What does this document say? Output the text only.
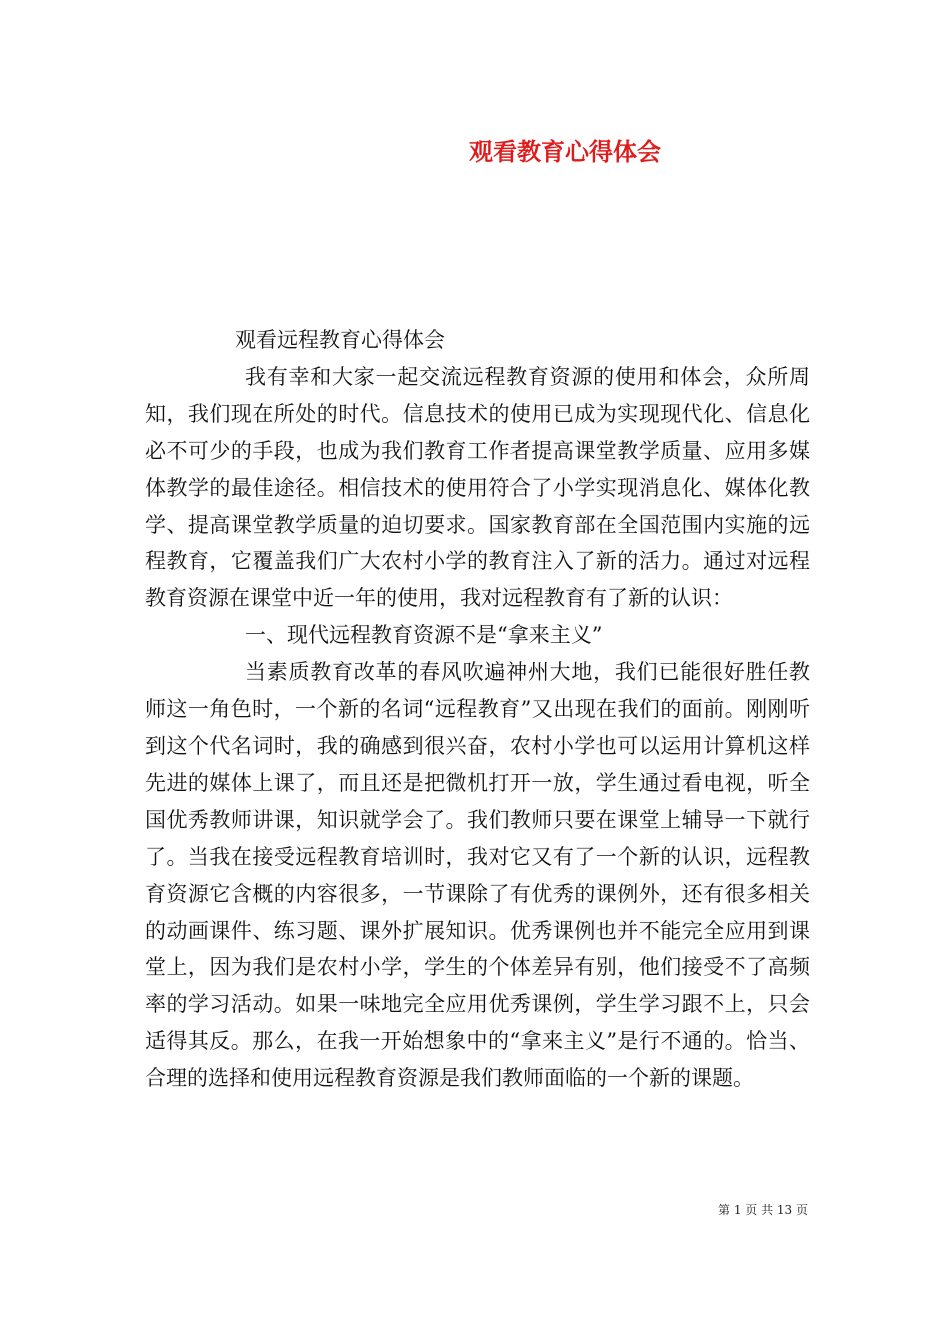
观看教育心得体会

观看远程教育心得体会

我有幸和大家一起交流远程教育资源的使用和体会，众所周知，我们现在所处的时代。信息技术的使用已成为实现现代化、信息化必不可少的手段，也成为我们教育工作者提高课堂教学质量、应用多媒体教学的最佳途径。相信技术的使用符合了小学实现消息化、媒体化教学、提高课堂教学质量的迫切要求。国家教育部在全国范围内实施的远程教育，它覆盖我们广大农村小学的教育注入了新的活力。通过对远程教育资源在课堂中近一年的使用，我对远程教育有了新的认识：

一、现代远程教育资源不是“拿来主义”

当素质教育改革的春风吹遍神州大地，我们已能很好胜任教师这一角色时，一个新的名词“远程教育”又出现在我们的面前。刚刚听到这个代名词时，我的确感到很兴奋，农村小学也可以运用计算机这样先进的媒体上课了，而且还是把微机打开一放，学生通过看电视，听全国优秀教师讲课，知识就学会了。我们教师只要在课堂上辅导一下就行了。当我在接受远程教育培训时，我对它又有了一个新的认识，远程教育资源它含概的内容很多，一节课除了有优秀的课例外，还有很多相关的动画课件、练习题、课外扩展知识。优秀课例也并不能完全应用到课堂上，因为我们是农村小学，学生的个体差异有别，他们接受不了高频率的学习活动。如果一味地完全应用优秀课例，学生学习跟不上，只会适得其反。那么，在我一开始想象中的“拿来主义”是行不通的。恰当、合理的选择和使用远程教育资源是我们教师面临的一个新的课题。

第 1 页 共 13 页
